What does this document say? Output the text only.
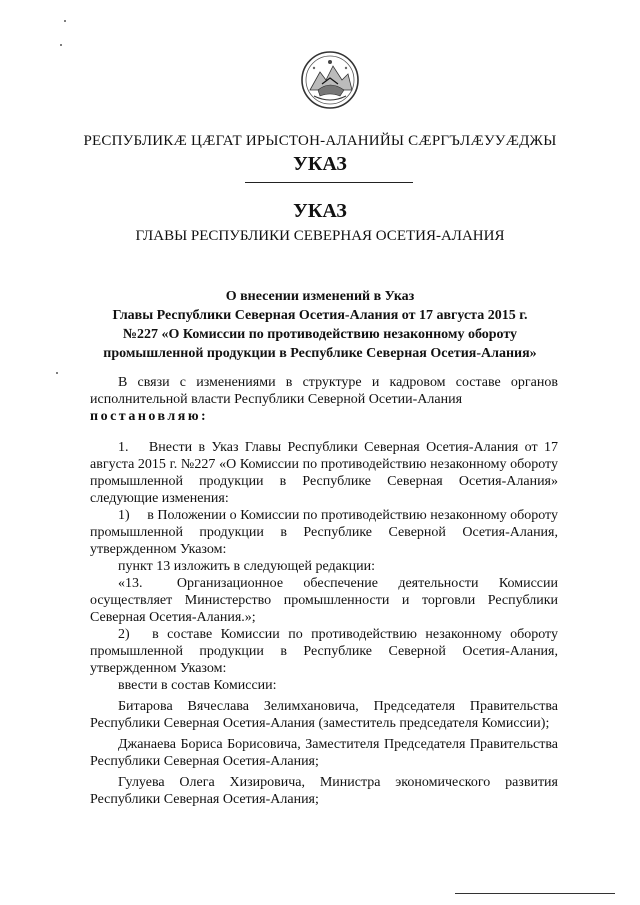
РЕСПУБЛИКÆ ЦÆГАТ ИРЫСТОН-АЛАНИЙЫ СÆРГЪЛÆУУÆДЖЫ
УКАЗ
УКАЗ
ГЛАВЫ РЕСПУБЛИКИ СЕВЕРНАЯ ОСЕТИЯ-АЛАНИЯ
О внесении изменений в Указ
Главы Республики Северная Осетия-Алания от 17 августа 2015 г.
№227 «О Комиссии по противодействию незаконному обороту
промышленной продукции в Республике Северная Осетия-Алания»

В связи с изменениями в структуре и кадровом составе органов исполнительной власти Республики Северной Осетии-Алания

постановляю:

1.  Внести в Указ Главы Республики Северная Осетия-Алания от 17 августа 2015 г. №227 «О Комиссии по противодействию незаконному обороту промышленной продукции в Республике Северная Осетия-Алания» следующие изменения:

1)  в Положении о Комиссии по противодействию незаконному обороту промышленной продукции в Республике Северной Осетия-Алания, утвержденном Указом:

пункт 13 изложить в следующей редакции:

«13.  Организационное обеспечение деятельности Комиссии осуществляет Министерство промышленности и торговли Республики Северная Осетия-Алания.»;

2)  в составе Комиссии по противодействию незаконному обороту промышленной продукции в Республике Северной Осетия-Алания, утвержденном Указом:

ввести в состав Комиссии:

Битарова Вячеслава Зелимхановича, Председателя Правительства Республики Северная Осетия-Алания (заместитель председателя Комиссии);

Джанаева Бориса Борисовича, Заместителя Председателя Правительства Республики Северная Осетия-Алания;

Гулуева Олега Хизировича, Министра экономического развития Республики Северная Осетия-Алания;
